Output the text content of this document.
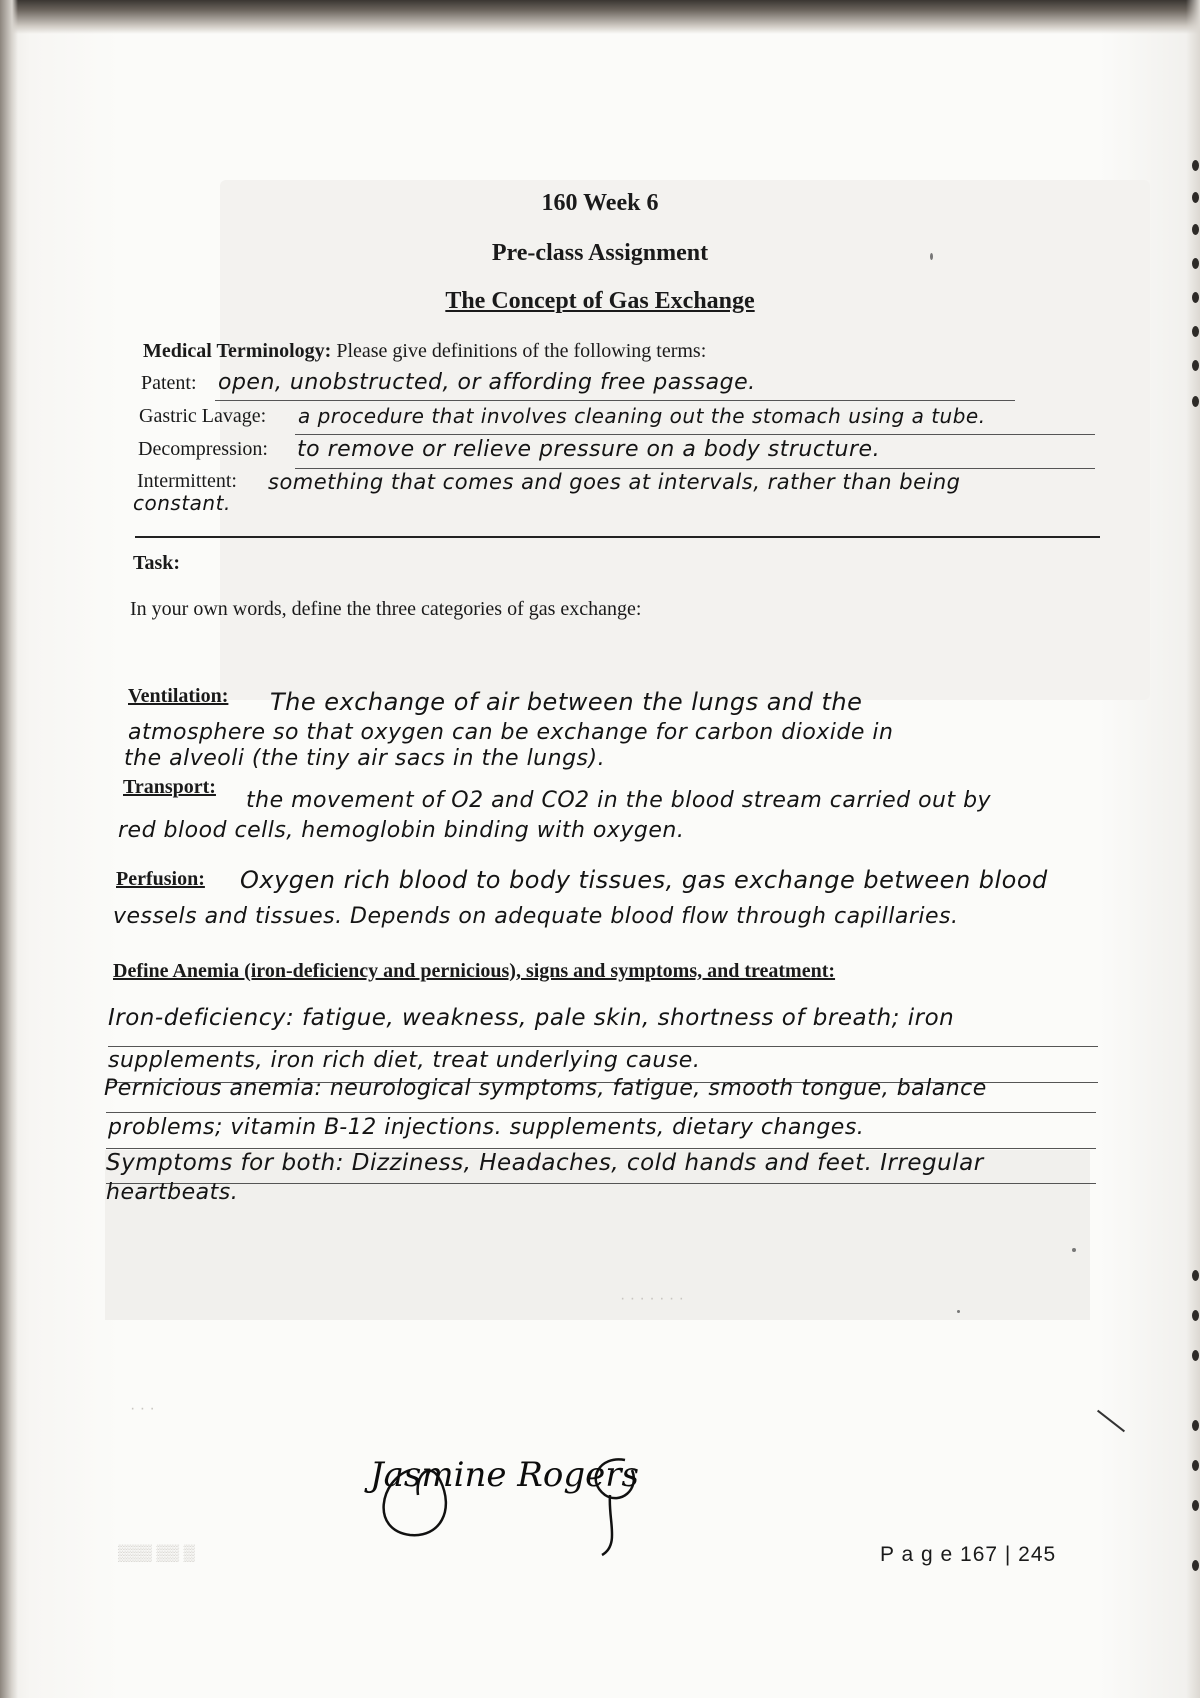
160 Week 6
Pre-class Assignment
The Concept of Gas Exchange
Medical Terminology: Please give definitions of the following terms:
Patent: open, unobstructed, or affording free passage.
Gastric Lavage: a procedure that involves cleaning out the stomach using a tube.
Decompression: to remove or relieve pressure on a body structure.
Intermittent: something that comes and goes at intervals, rather than being
constant.
Task:
In your own words, define the three categories of gas exchange:
Ventilation: The exchange of air between the lungs and the
atmosphere so that oxygen can be exchange for carbon dioxide in
the alveoli (the tiny air sacs in the lungs).
Transport:
the movement of O2 and CO2 in the blood stream carried out by
red blood cells, hemoglobin binding with oxygen.
Perfusion: Oxygen rich blood to body tissues, gas exchange between blood
vessels and tissues. Depends on adequate blood flow through capillaries.
Define Anemia (iron-deficiency and pernicious), signs and symptoms, and treatment:
Iron-deficiency: fatigue, weakness, pale skin, shortness of breath; iron
supplements, iron rich diet, treat underlying cause.
Pernicious anemia: neurological symptoms, fatigue, smooth tongue, balance
problems; vitamin B-12 injections. supplements, dietary changes.
Symptoms for both: Dizziness, Headaches, cold hands and feet. Irregular
heartbeats.
· · · · · · ·
· · ·
▒▒▒ ▒▒ ▒
Jasmine Rogers
P a g e 167 | 245
